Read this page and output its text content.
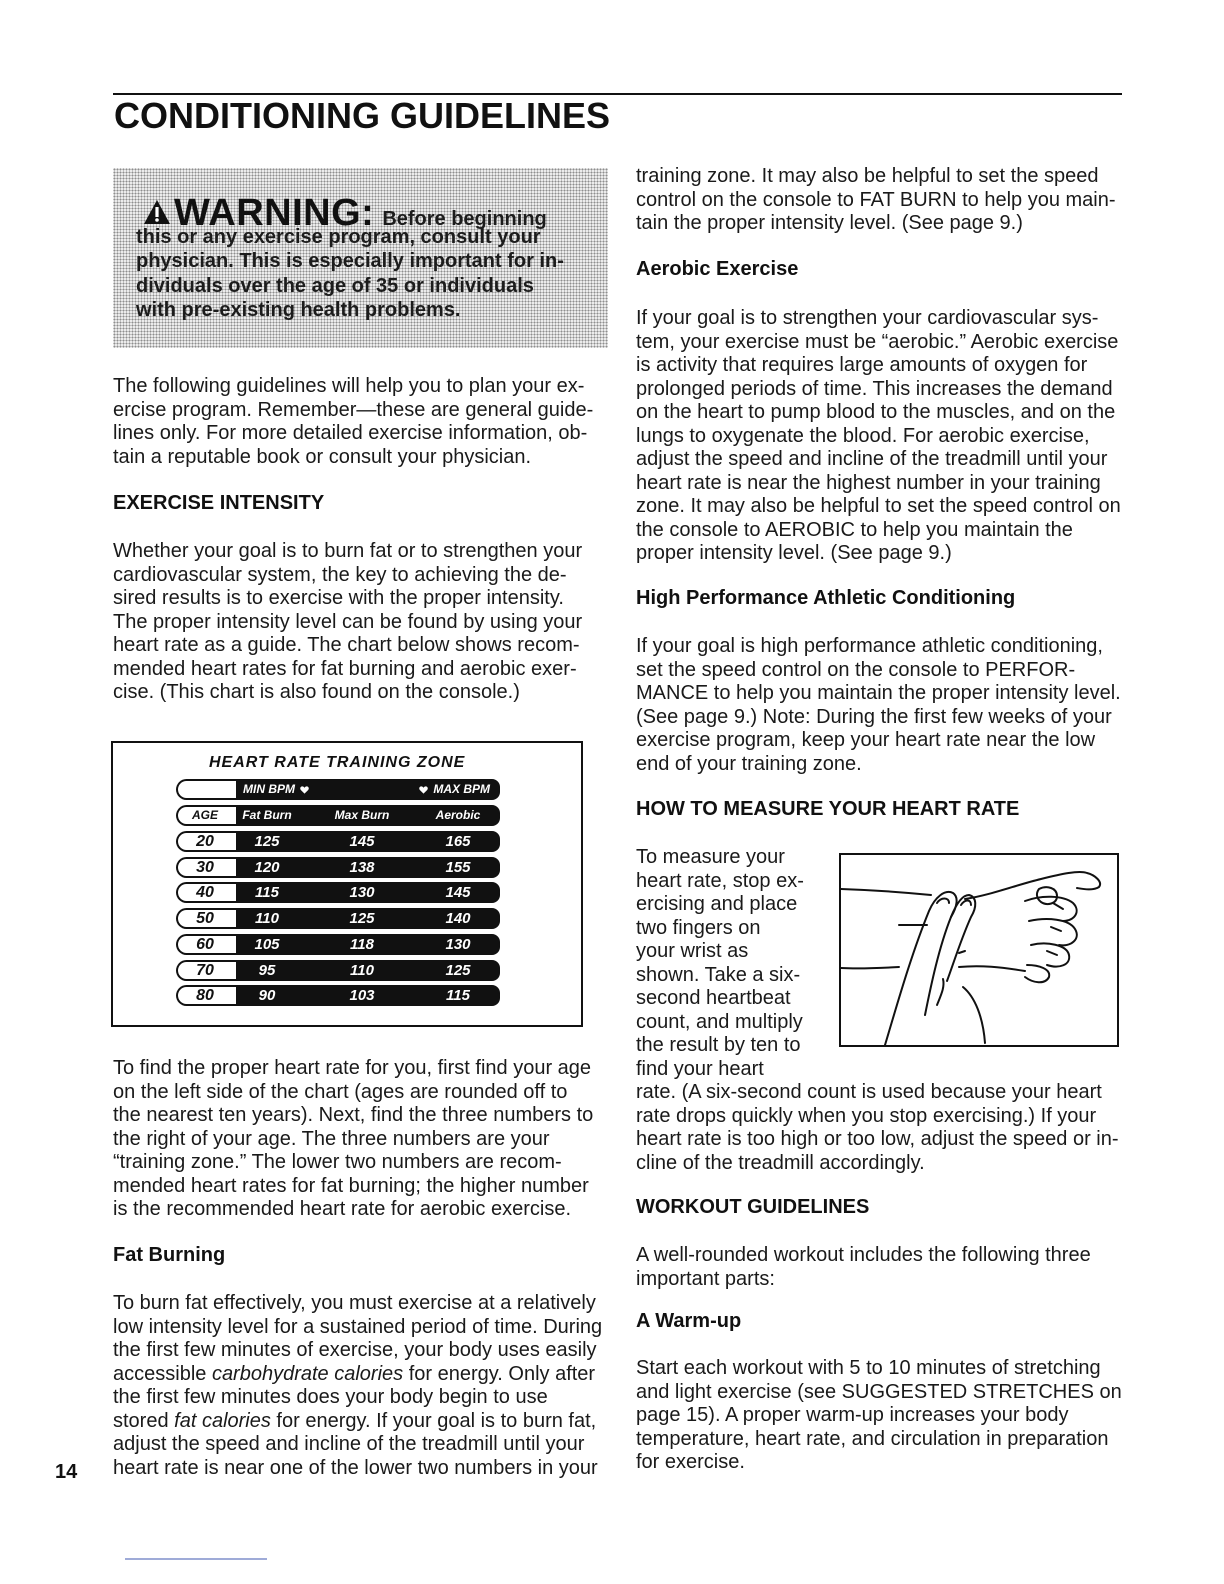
CONDITIONING GUIDELINES
WARNING: Before beginning
this or any exercise program, consult your
physician. This is especially important for in-
dividuals over the age of 35 or individuals
with pre-existing health problems.
The following guidelines will help you to plan your ex-
ercise program. Remember—these are general guide-
lines only. For more detailed exercise information, ob-
tain a reputable book or consult your physician.
EXERCISE INTENSITY
Whether your goal is to burn fat or to strengthen your
cardiovascular system, the key to achieving the de-
sired results is to exercise with the proper intensity.
The proper intensity level can be found by using your
heart rate as a guide. The chart below shows recom-
mended heart rates for fat burning and aerobic exer-
cise. (This chart is also found on the console.)
HEART RATE TRAINING ZONE
MIN BPM	MAX BPM
AGE	Fat Burn	Max Burn	Aerobic
20	125	145	165
30	120	138	155
40	115	130	145
50	110	125	140
60	105	118	130
70	95	110	125
80	90	103	115
To find the proper heart rate for you, first find your age
on the left side of the chart (ages are rounded off to
the nearest ten years). Next, find the three numbers to
the right of your age. The three numbers are your
“training zone.” The lower two numbers are recom-
mended heart rates for fat burning; the higher number
is the recommended heart rate for aerobic exercise.
Fat Burning
To burn fat effectively, you must exercise at a relatively
low intensity level for a sustained period of time. During
the first few minutes of exercise, your body uses easily
accessible carbohydrate calories for energy. Only after
the first few minutes does your body begin to use
stored fat calories for energy. If your goal is to burn fat,
adjust the speed and incline of the treadmill until your
heart rate is near one of the lower two numbers in your
14
training zone. It may also be helpful to set the speed
control on the console to FAT BURN to help you main-
tain the proper intensity level. (See page 9.)
Aerobic Exercise
If your goal is to strengthen your cardiovascular sys-
tem, your exercise must be “aerobic.” Aerobic exercise
is activity that requires large amounts of oxygen for
prolonged periods of time. This increases the demand
on the heart to pump blood to the muscles, and on the
lungs to oxygenate the blood. For aerobic exercise,
adjust the speed and incline of the treadmill until your
heart rate is near the highest number in your training
zone. It may also be helpful to set the speed control on
the console to AEROBIC to help you maintain the
proper intensity level. (See page 9.)
High Performance Athletic Conditioning
If your goal is high performance athletic conditioning,
set the speed control on the console to PERFOR-
MANCE to help you maintain the proper intensity level.
(See page 9.) Note: During the first few weeks of your
exercise program, keep your heart rate near the low
end of your training zone.
HOW TO MEASURE YOUR HEART RATE
To measure your
heart rate, stop ex-
ercising and place
two fingers on
your wrist as
shown. Take a six-
second heartbeat
count, and multiply
the result by ten to
find your heart
rate. (A six-second count is used because your heart
rate drops quickly when you stop exercising.) If your
heart rate is too high or too low, adjust the speed or in-
cline of the treadmill accordingly.
WORKOUT GUIDELINES
A well-rounded workout includes the following three
important parts:
A Warm-up
Start each workout with 5 to 10 minutes of stretching
and light exercise (see SUGGESTED STRETCHES on
page 15). A proper warm-up increases your body
temperature, heart rate, and circulation in preparation
for exercise.
